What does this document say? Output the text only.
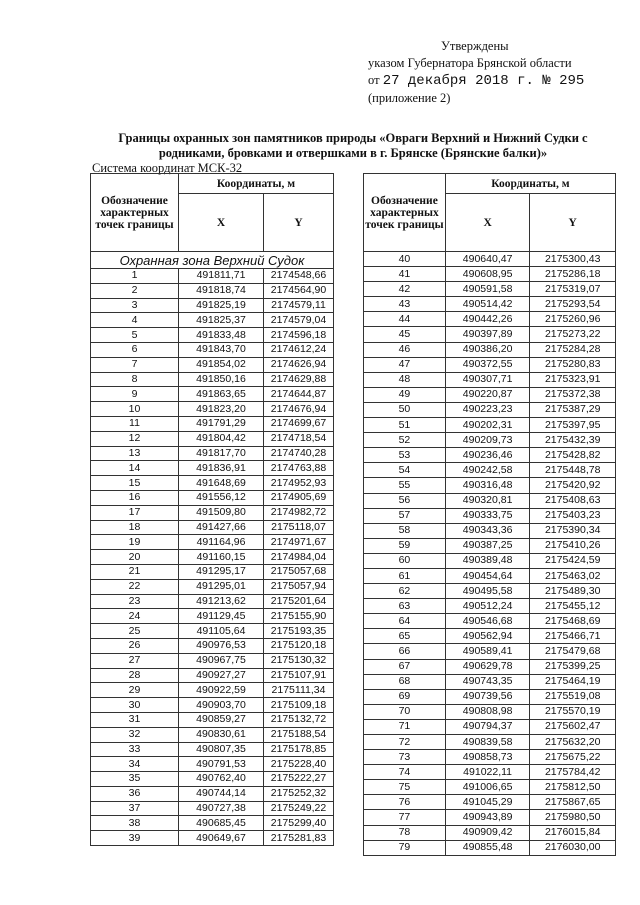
Утверждены
указом Губернатора Брянской области
от 27 декабря 2018 г. № 295
(приложение 2)
Границы охранных зон памятников природы «Овраги Верхний и Нижний Судки с
родниками, бровками и отвершками в г. Брянске (Брянские балки)»
Система координат МСК-32
Обозначение характерных точек границы	Координаты, м	
	X	Y
Охранная зона Верхний Судок		
1	491811,71	2174548,66
2	491818,74	2174564,90
3	491825,19	2174579,11
4	491825,37	2174579,04
5	491833,48	2174596,18
6	491843,70	2174612,24
7	491854,02	2174626,94
8	491850,16	2174629,88
9	491863,65	2174644,87
10	491823,20	2174676,94
11	491791,29	2174699,67
12	491804,42	2174718,54
13	491817,70	2174740,28
14	491836,91	2174763,88
15	491648,69	2174952,93
16	491556,12	2174905,69
17	491509,80	2174982,72
18	491427,66	2175118,07
19	491164,96	2174971,67
20	491160,15	2174984,04
21	491295,17	2175057,68
22	491295,01	2175057,94
23	491213,62	2175201,64
24	491129,45	2175155,90
25	491105,64	2175193,35
26	490976,53	2175120,18
27	490967,75	2175130,32
28	490927,27	2175107,91
29	490922,59	2175111,34
30	490903,70	2175109,18
31	490859,27	2175132,72
32	490830,61	2175188,54
33	490807,35	2175178,85
34	490791,53	2175228,40
35	490762,40	2175222,27
36	490744,14	2175252,32
37	490727,38	2175249,22
38	490685,45	2175299,40
39	490649,67	2175281,83
Обозначение характерных точек границы	Координаты, м	
	X	Y
40	490640,47	2175300,43
41	490608,95	2175286,18
42	490591,58	2175319,07
43	490514,42	2175293,54
44	490442,26	2175260,96
45	490397,89	2175273,22
46	490386,20	2175284,28
47	490372,55	2175280,83
48	490307,71	2175323,91
49	490220,87	2175372,38
50	490223,23	2175387,29
51	490202,31	2175397,95
52	490209,73	2175432,39
53	490236,46	2175428,82
54	490242,58	2175448,78
55	490316,48	2175420,92
56	490320,81	2175408,63
57	490333,75	2175403,23
58	490343,36	2175390,34
59	490387,25	2175410,26
60	490389,48	2175424,59
61	490454,64	2175463,02
62	490495,58	2175489,30
63	490512,24	2175455,12
64	490546,68	2175468,69
65	490562,94	2175466,71
66	490589,41	2175479,68
67	490629,78	2175399,25
68	490743,35	2175464,19
69	490739,56	2175519,08
70	490808,98	2175570,19
71	490794,37	2175602,47
72	490839,58	2175632,20
73	490858,73	2175675,22
74	491022,11	2175784,42
75	491006,65	2175812,50
76	491045,29	2175867,65
77	490943,89	2175980,50
78	490909,42	2176015,84
79	490855,48	2176030,00
